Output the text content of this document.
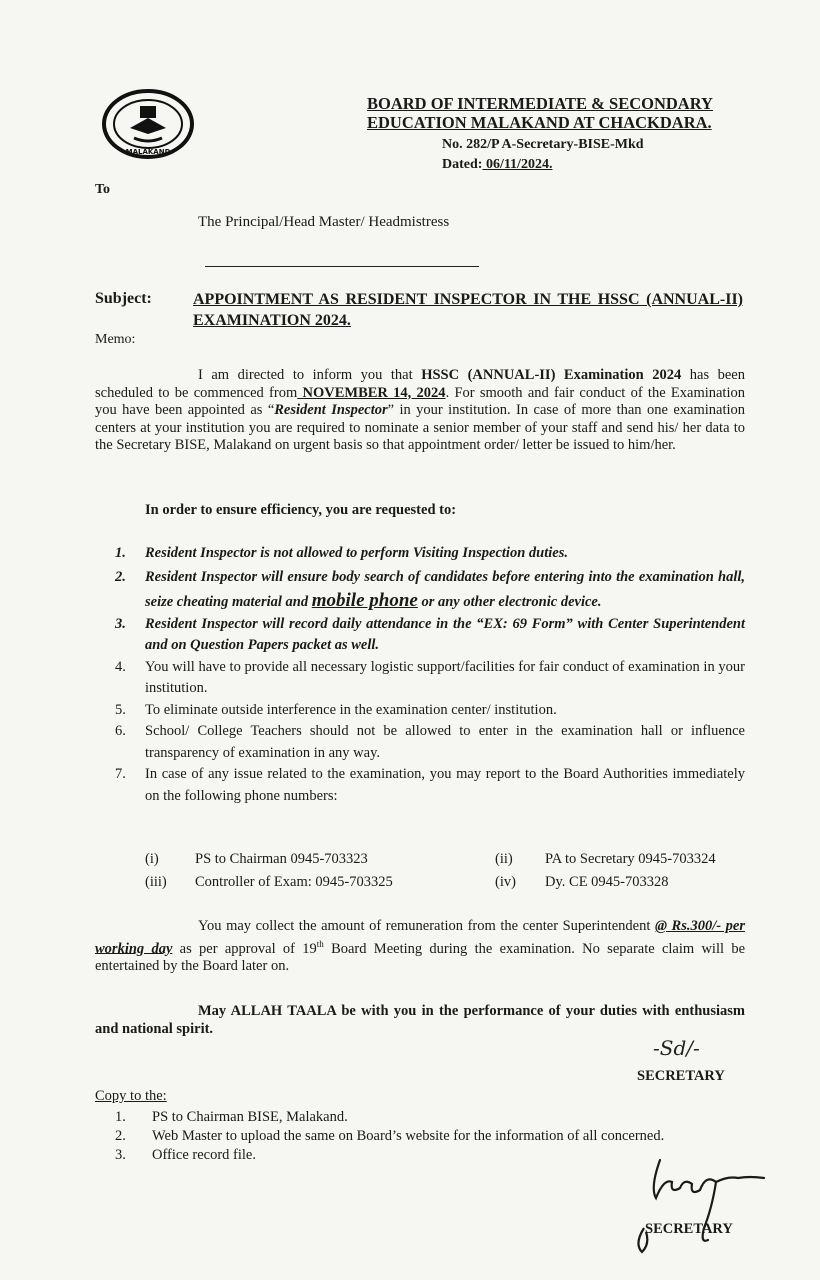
MALAKAND
BOARD OF INTERMEDIATE & SECONDARY
EDUCATION MALAKAND AT CHACKDARA.
No. 282/P A-Secretary-BISE-Mkd
Dated: 06/11/2024.
To
The Principal/Head Master/ Headmistress
Subject:	APPOINTMENT AS RESIDENT INSPECTOR IN THE HSSC (ANNUAL-II) EXAMINATION 2024.
Memo:
I am directed to inform you that HSSC (ANNUAL-II) Examination 2024 has been scheduled to be commenced from NOVEMBER 14, 2024. For smooth and fair conduct of the Examination you have been appointed as “Resident Inspector” in your institution. In case of more than one examination centers at your institution you are required to nominate a senior member of your staff and send his/ her data to the Secretary BISE, Malakand on urgent basis so that appointment order/ letter be issued to him/her.
In order to ensure efficiency, you are requested to:
1. Resident Inspector is not allowed to perform Visiting Inspection duties.
2. Resident Inspector will ensure body search of candidates before entering into the examination hall, seize cheating material and mobile phone or any other electronic device.
3. Resident Inspector will record daily attendance in the “EX: 69 Form” with Center Superintendent and on Question Papers packet as well.
4. You will have to provide all necessary logistic support/facilities for fair conduct of examination in your institution.
5. To eliminate outside interference in the examination center/ institution.
6. School/ College Teachers should not be allowed to enter in the examination hall or influence transparency of examination in any way.
7. In case of any issue related to the examination, you may report to the Board Authorities immediately on the following phone numbers:
(i)	PS to Chairman 0945-703323	(ii) PA to Secretary 0945-703324
(iii) Controller of Exam: 0945-703325	(iv) Dy. CE 0945-703328
You may collect the amount of remuneration from the center Superintendent @ Rs.300/- per working day as per approval of 19th Board Meeting during the examination. No separate claim will be entertained by the Board later on.
May ALLAH TAALA be with you in the performance of your duties with enthusiasm and national spirit.
-Sd/-
SECRETARY
Copy to the:
1. PS to Chairman BISE, Malakand.
2. Web Master to upload the same on Board’s website for the information of all concerned.
3. Office record file.
SECRETARY
